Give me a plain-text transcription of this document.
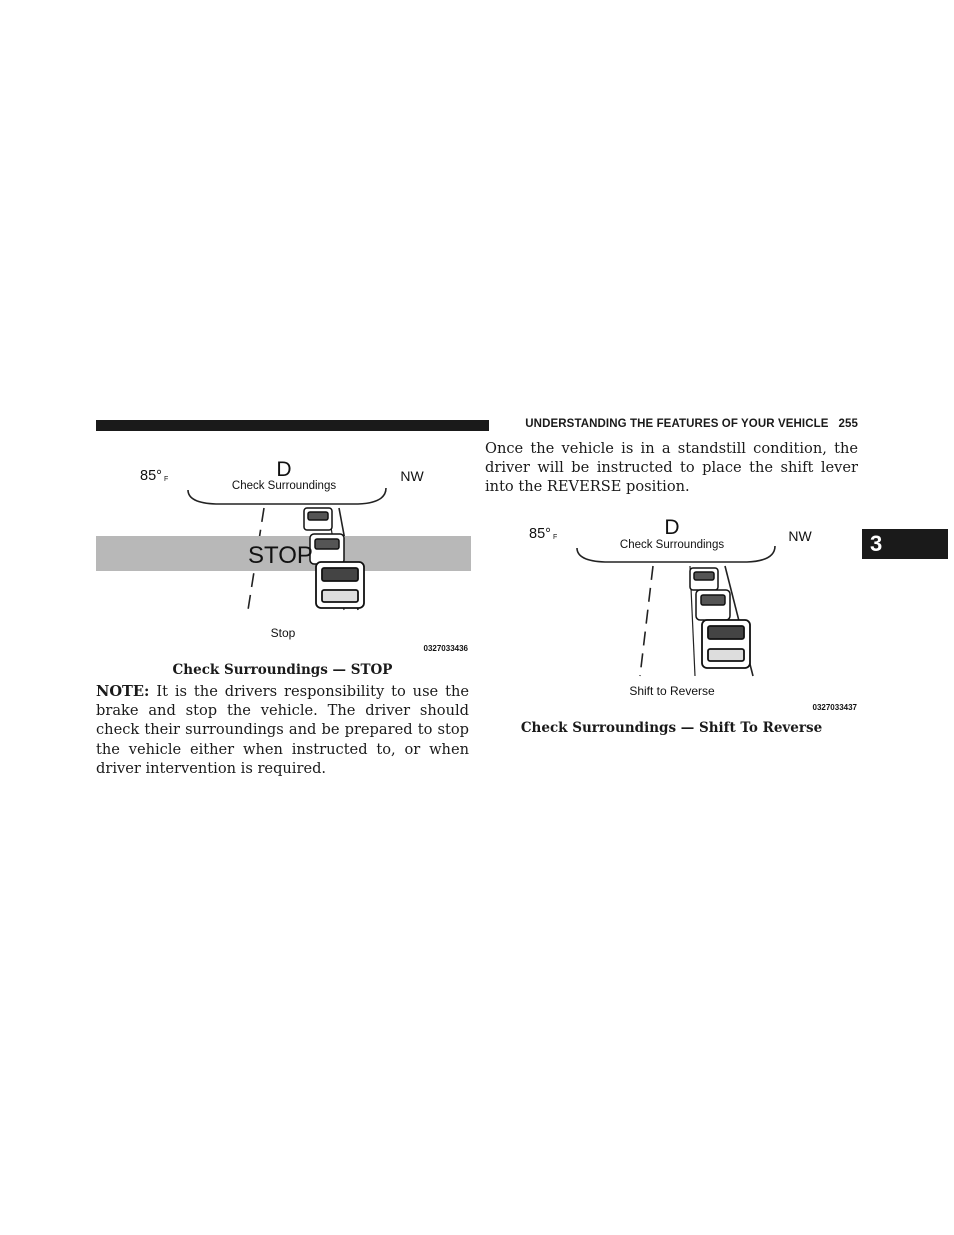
UNDERSTANDING THE FEATURES OF YOUR VEHICLE 255
3
85° F	D
Check Surroundings
NW
STOP
Stop
0327033436
Check Surroundings — STOP
NOTE: It is the drivers responsibility to use the brake and stop the vehicle. The driver should check their surroundings and be prepared to stop the vehicle either when instructed to, or when driver intervention is required.
Once the vehicle is in a standstill condition, the driver will be instructed to place the shift lever into the REVERSE position.
85° F	D
Check Surroundings
NW
Shift to Reverse
0327033437
Check Surroundings — Shift To Reverse
